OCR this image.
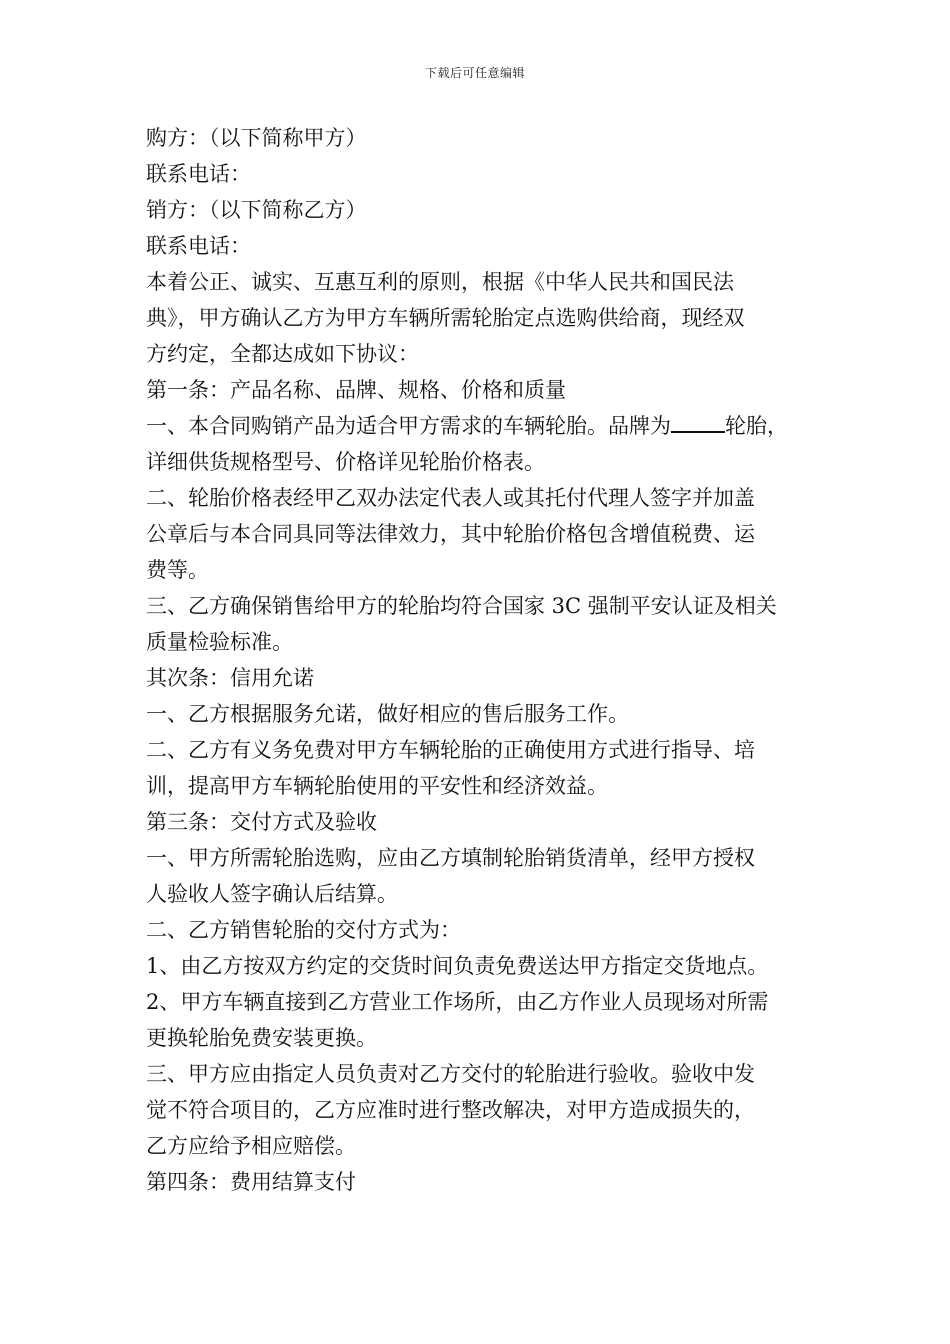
下载后可任意编辑
购方：（以下简称甲方）
联系电话：
销方：（以下简称乙方）
联系电话：
本着公正、诚实、互惠互利的原则，根据《中华人民共和国民法
典》，甲方确认乙方为甲方车辆所需轮胎定点选购供给商，现经双
方约定，全都达成如下协议：
第一条：产品名称、品牌、规格、价格和质量
一、本合同购销产品为适合甲方需求的车辆轮胎。品牌为	轮胎，
详细供货规格型号、价格详见轮胎价格表。
二、轮胎价格表经甲乙双办法定代表人或其托付代理人签字并加盖
公章后与本合同具同等法律效力，其中轮胎价格包含增值税费、运
费等。
三、乙方确保销售给甲方的轮胎均符合国家 3C 强制平安认证及相关
质量检验标准。
其次条：信用允诺
一、乙方根据服务允诺，做好相应的售后服务工作。
二、乙方有义务免费对甲方车辆轮胎的正确使用方式进行指导、培
训，提高甲方车辆轮胎使用的平安性和经济效益。
第三条：交付方式及验收
一、甲方所需轮胎选购，应由乙方填制轮胎销货清单，经甲方授权
人验收人签字确认后结算。
二、乙方销售轮胎的交付方式为：
1、由乙方按双方约定的交货时间负责免费送达甲方指定交货地点。
2、甲方车辆直接到乙方营业工作场所，由乙方作业人员现场对所需
更换轮胎免费安装更换。
三、甲方应由指定人员负责对乙方交付的轮胎进行验收。验收中发
觉不符合项目的，乙方应准时进行整改解决，对甲方造成损失的，
乙方应给予相应赔偿。
第四条：费用结算支付
